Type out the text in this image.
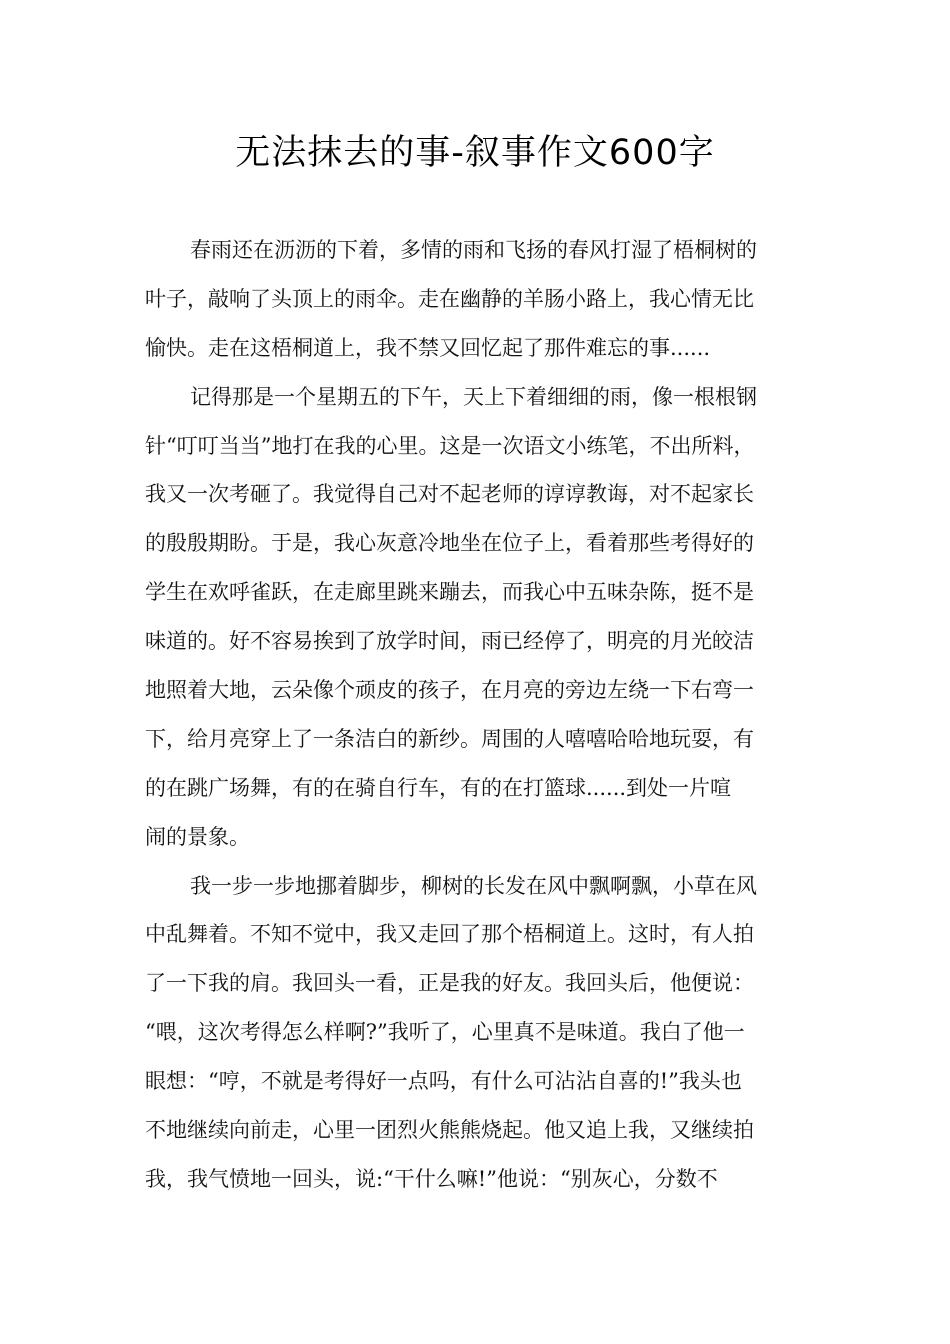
无法抹去的事-叙事作文600字
春雨还在沥沥的下着，多情的雨和飞扬的春风打湿了梧桐树的
叶子，敲响了头顶上的雨伞。走在幽静的羊肠小路上，我心情无比
愉快。走在这梧桐道上，我不禁又回忆起了那件难忘的事......
记得那是一个星期五的下午，天上下着细细的雨，像一根根钢
针“叮叮当当”地打在我的心里。这是一次语文小练笔，不出所料，
我又一次考砸了。我觉得自己对不起老师的谆谆教诲，对不起家长
的殷殷期盼。于是，我心灰意冷地坐在位子上，看着那些考得好的
学生在欢呼雀跃，在走廊里跳来蹦去，而我心中五味杂陈，挺不是
味道的。好不容易挨到了放学时间，雨已经停了，明亮的月光皎洁
地照着大地，云朵像个顽皮的孩子，在月亮的旁边左绕一下右弯一
下，给月亮穿上了一条洁白的新纱。周围的人嘻嘻哈哈地玩耍，有
的在跳广场舞，有的在骑自行车，有的在打篮球......到处一片喧
闹的景象。
我一步一步地挪着脚步，柳树的长发在风中飘啊飘，小草在风
中乱舞着。不知不觉中，我又走回了那个梧桐道上。这时，有人拍
了一下我的肩。我回头一看，正是我的好友。我回头后，他便说：
“喂，这次考得怎么样啊?”我听了，心里真不是味道。我白了他一
眼想：“哼，不就是考得好一点吗，有什么可沾沾自喜的!”我头也
不地继续向前走，心里一团烈火熊熊烧起。他又追上我，又继续拍
我，我气愤地一回头，说:“干什么嘛!”他说：“别灰心，分数不
